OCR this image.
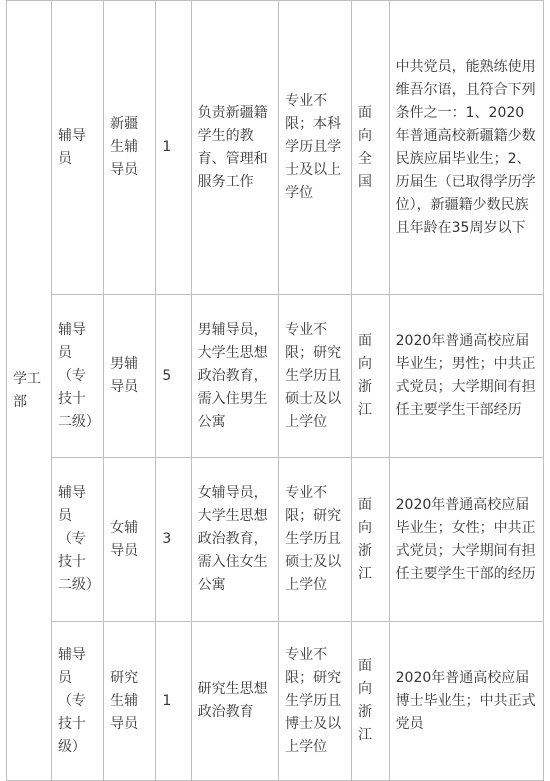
学工部	辅导员	新疆生辅导员	1	负责新疆籍学生的教育、管理和服务工作	专业不限；本科学历且学士及以上学位	面向全国	中共党员，能熟练使用维吾尔语，且符合下列条件之一：1、2020年普通高校新疆籍少数民族应届毕业生；2、历届生（已取得学历学位），新疆籍少数民族且年龄在35周岁以下
	辅导员（专技十二级）	男辅导员	5	男辅导员，大学生思想政治教育，需入住男生公寓	专业不限；研究生学历且硕士及以上学位	面向浙江	2020年普通高校应届毕业生；男性；中共正式党员；大学期间有担任主要学生干部经历
	辅导员（专技十二级）	女辅导员	3	女辅导员，大学生思想政治教育，需入住女生公寓	专业不限；研究生学历且硕士及以上学位	面向浙江	2020年普通高校应届毕业生；女性；中共正式党员；大学期间有担任主要学生干部的经历
	辅导员（专技十级）	研究生辅导员	1	研究生思想政治教育	专业不限；研究生学历且博士及以上学位	面向浙江	2020年普通高校应届博士毕业生；中共正式党员
